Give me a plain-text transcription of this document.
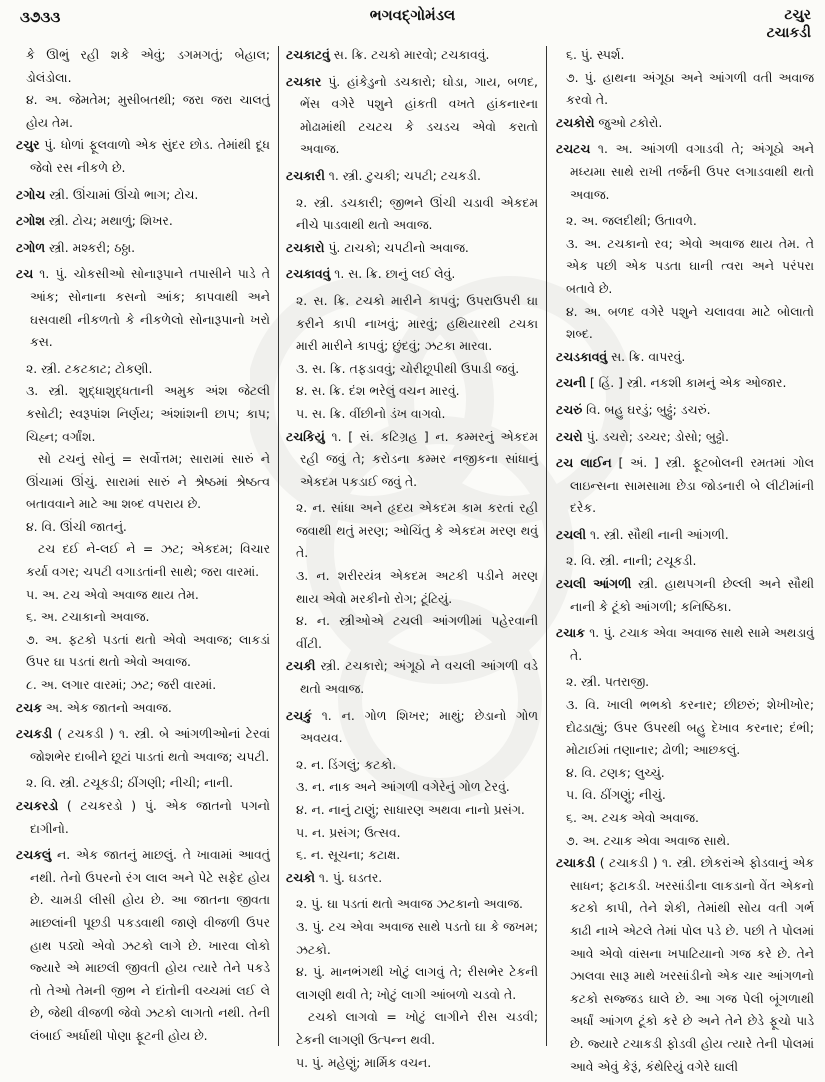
૩૭૩૩	ભગવદ્ગોમંડલ	ટચુર
ટચાકડી
કે ઊભું રહી શકે એવું; ડગમગતું; બેહાલ; ડોલંડોલા.
૪. અ. જેમતેમ; મુસીબતથી; જરા જરા ચાલતું હોય તેમ.
ટચુર પું. ધોળાં ફૂલવાળો એક સુંદર છોડ. તેમાંથી દૂધ જેવો રસ નીકળે છે.
ટગોચ સ્ત્રી. ઊંચામાં ઊંચો ભાગ; ટોચ.
ટગોશ સ્ત્રી. ટોચ; મથાળું; શિખર.
ટગોળ સ્ત્રી. મશ્કરી; ઠઠ્ઠા.
ટચ ૧. પું. ચોકસીઓ સોનારૂપાને તપાસીને પાડે તે આંક; સોનાના કસનો આંક; કાપવાથી અને ઘસવાથી નીકળતો કે નીકળેલો સોનારૂપાનો ખરો કસ.
૨. સ્ત્રી. ટકટકાટ; ટોકણી.
૩. સ્ત્રી. શુદ્ધાશુદ્ધતાની અમુક અંશ જેટલી કસોટી; સ્વરૂપાંશ નિર્ણય; અંશાંશની છાપ; કાપ; ચિહ્ન; વર્ગાંશ.
સો ટચનું સોનું = સર્વોત્તમ; સારામાં સારું ને ઊંચામાં ઊંચું. સારામાં સારું ને શ્રેષ્ઠમાં શ્રેષ્ઠત્વ બતાવવાને માટે આ શબ્દ વપરાય છે.
૪. વિ. ઊંચી જાતનું.
ટચ દઈ ને-લઈ ને = ઝટ; એકદમ; વિચાર કર્યા વગર; ચપટી વગાડતાંની સાથે; જરા વારમાં.
૫. અ. ટચ એવો અવાજ થાય તેમ.
૬. અ. ટચાકાનો અવાજ.
૭. અ. ફટકો પડતાં થતો એવો અવાજ; લાકડાં ઉપર ઘા પડતાં થતો એવો અવાજ.
૮. અ. લગાર વારમાં; ઝટ; જરી વારમાં.
ટચક અ. એક જાતનો અવાજ.
ટચકડી ( ટચકડી ) ૧. સ્ત્રી. બે આંગળીઓનાં ટેરવાં જોશભેર દાબીને છૂટાં પાડતાં થતો અવાજ; ચપટી.
૨. વિ. સ્ત્રી. ટચૂકડી; ઠીંગણી; નીચી; નાની.
ટચકરડો ( ટચકરડો ) પું. એક જાતનો પગનો દાગીનો.
ટચકલું ન. એક જાતનું માછલું. તે ખાવામાં આવતું નથી. તેનો ઉપરનો રંગ લાલ અને પેટે સફેદ હોય છે. ચામડી લીસી હોય છે. આ જાતના જીવતા માછલાંની પૂછડી પકડવાથી જાણે વીજળી ઉપર હાથ પડ્યો એવો ઝટકો લાગે છે. ખારવા લોકો જ્યારે એ માછલી જીવતી હોય ત્યારે તેને પકડે તો તેઓ તેમની જીભ ને દાંતોની વચ્ચમાં લઈ લે છે, જેથી વીજળી જેવો ઝટકો લાગતો નથી. તેની લંબાઈ અર્ધાથી પોણા ફૂટની હોય છે.
ટચકાટવું સ. ક્રિ. ટચકો મારવો; ટચકાવવું.
ટચકાર પું. હાંકેડુનો ડચકારો; ઘોડા, ગાય, બળદ, ભેંસ વગેરે પશુને હાંકતી વખતે હાંકનારના મોઢામાંથી ટચટચ કે ડચડચ એવો કરાતો અવાજ.
ટચકારી ૧. સ્ત્રી. ટુચકી; ચપટી; ટચકડી.
૨. સ્ત્રી. ડચકારી; જીભને ઊંચી ચડાવી એકદમ નીચે પાડવાથી થતો અવાજ.
ટચકારો પું. ટાચકો; ચપટીનો અવાજ.
ટચકાવવું ૧. સ. ક્રિ. છાનું લઈ લેવું.
૨. સ. ક્રિ. ટચકો મારીને કાપવું; ઉપરાઉપરી ઘા કરીને કાપી નાખવું; મારવું; હથિયારથી ટચકા મારી મારીને કાપવું; છુંદવું; ઝટકા મારવા.
૩. સ. ક્રિ. તફડાવવું; ચોરીછૂપીથી ઉપાડી જવું.
૪. સ. ક્રિ. દંશ ભરેલું વચન મારવું.
૫. સ. ક્રિ. વીંછીનો ડંખ વાગવો.
ટચકિયું ૧. [ સં. કટિગ્રહ ] ન. કમ્મરનું એકદમ રહી જવું તે; કરોડના કમ્મર નજીકના સાંધાનું એકદમ પકડાઈ જવું તે.
૨. ન. સાંધા અને હૃદય એકદમ કામ કરતાં રહી જવાથી થતું મરણ; ઓચિંતુ કે એકદમ મરણ થવું તે.
૩. ન. શરીરયંત્ર એકદમ અટકી પડીને મરણ થાય એવો મરકીનો રોગ; ટૂંટિયું.
૪. ન. સ્ત્રીઓએ ટચલી આંગળીમાં પહેરવાની વીંટી.
ટચકી સ્ત્રી. ટચકારો; અંગૂઠો ને વચલી આંગળી વડે થતો અવાજ.
ટચકું ૧. ન. ગોળ શિખર; માથું; છેડાનો ગોળ અવયવ.
૨. ન. ડિંગલું; કટકો.
૩. ન. નાક અને આંગળી વગેરેનું ગોળ ટેરવું.
૪. ન. નાનું ટાણું; સાધારણ અથવા નાનો પ્રસંગ.
૫. ન. પ્રસંગ; ઉત્સવ.
૬. ન. સૂચના; કટાક્ષ.
ટચકો ૧. પું. ઘડતર.
૨. પું. ઘા પડતાં થતો અવાજ ઝટકાનો અવાજ.
૩. પું. ટચ એવા અવાજ સાથે પડતો ઘા કે જખમ; ઝટકો.
૪. પું. માનભંગથી ખોટું લાગવું તે; રીસભેર ટેકની લાગણી થવી તે; ખોટું લાગી આંબળો ચડવો તે.
ટચકો લાગવો = ખોટું લાગીને રીસ ચડવી; ટેકની લાગણી ઉત્પન્ન થવી.
૫. પું. મહેણું; માર્મિક વચન.
૬. પું. સ્પર્શ.
૭. પું. હાથના અંગૂઠા અને આંગળી વતી અવાજ કરવો તે.
ટચકોરો જુઓ ટકોરો.
ટચટચ ૧. અ. આંગળી વગાડવી તે; અંગૂઠો અને મધ્યમા સાથે રાખી તર્જની ઉપર લગાડવાથી થતો અવાજ.
૨. અ. જલદીથી; ઉતાવળે.
૩. અ. ટચકાનો રવ; એવો અવાજ થાય તેમ. તે એક પછી એક પડતા ઘાની ત્વરા અને પરંપરા બતાવે છે.
૪. અ. બળદ વગેરે પશુને ચલાવવા માટે બોલાતો શબ્દ.
ટચડકાવવું સ. ક્રિ. વાપરવું.
ટચની [ હિં. ] સ્ત્રી. નકશી કામનું એક ઓજાર.
ટચરું વિ. બહુ ઘરડું; બુઢ્ઢું; ડચરું.
ટચરો પું. ડચરો; ડચ્ચર; ડોસો; બુઢ્ઢો.
ટચ લાઈન [ અં. ] સ્ત્રી. ફૂટબોલની રમતમાં ગોલ લાઇન્સના સામસામા છેડા જોડનારી બે લીટીમાંની દરેક.
ટચલી ૧. સ્ત્રી. સૌથી નાની આંગળી.
૨. વિ. સ્ત્રી. નાની; ટચૂકડી.
ટચલી આંગળી સ્ત્રી. હાથપગની છેલ્લી અને સૌથી નાની કે ટૂંકો આંગળી; કનિષ્ઠિકા.
ટચાક ૧. પું. ટચાક એવા અવાજ સાથે સામે અથડાવું તે.
૨. સ્ત્રી. પતરાજી.
૩. વિ. ખાલી ભભકો કરનાર; છીછરું; શેખીખોર; દોઢડાહ્યું; ઉપર ઉપરથી બહુ દેખાવ કરનાર; દંભી; મોટાઈમાં તણાનાર; ઢોળી; આછકલું.
૪. વિ. ટણક; લુચ્ચું.
૫. વિ. ઠીંગણું; નીચું.
૬. અ. ટચક એવો અવાજ.
૭. અ. ટચાક એવા અવાજ સાથે.
ટચાકડી ( ટચાકડી ) ૧. સ્ત્રી. છોકરાંએ ફોડવાનું એક સાધન; ફટાકડી. ખરસાંડીના લાકડાનો વેંત એકનો કટકો કાપી, તેને શેકી, તેમાંથી સોય વતી ગર્ભ કાઢી નાખે એટલે તેમાં પોલ પડે છે. પછી તે પોલમાં આવે એવો વાંસના ખપાટિયાનો ગજ કરે છે. તેને ઝાલવા સારૂ માથે ખરસાંડીનો એક ચાર આંગળનો કટકો સજ્જડ ઘાલે છે. આ ગજ પેલી બૂંગળાથી અર્ધાં આંગળ ટૂંકો કરે છે અને તેને છેડે ફૂચો પાડે છે. જ્યારે ટચાકડી ફોડવી હોય ત્યારે તેની પોલમાં આવે એવું કેરૂં, કંથેરિયું વગેરે ઘાલી
